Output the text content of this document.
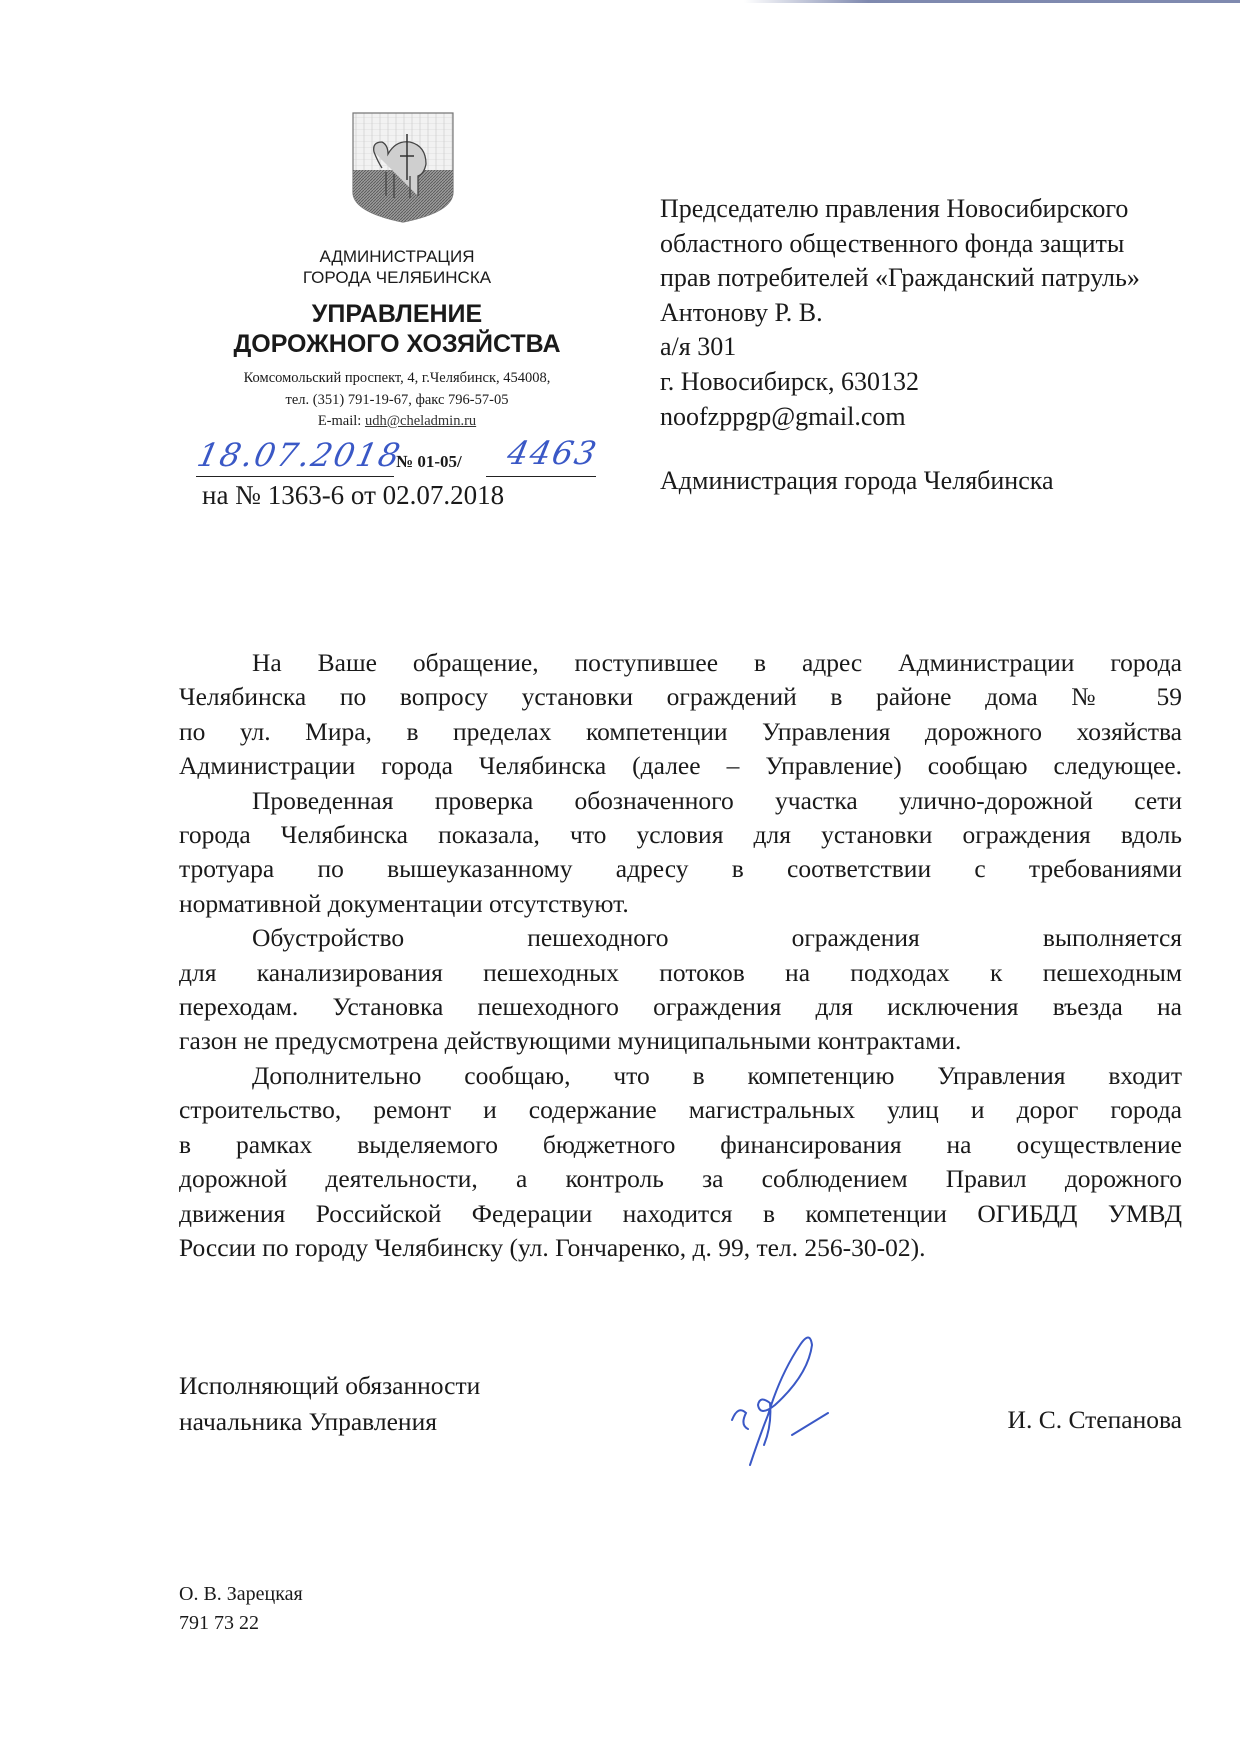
АДМИНИСТРАЦИЯ
ГОРОДА ЧЕЛЯБИНСКА
УПРАВЛЕНИЕ
ДОРОЖНОГО ХОЗЯЙСТВА
Комсомольский проспект, 4, г.Челябинск, 454008,
тел. (351) 791-19-67, факс 796-57-05
E-mail: udh@cheladmin.ru
18.07.2018
№ 01-05/ 4463
на № 1363-6 от 02.07.2018
Председателю правления Новосибирского
областного общественного фонда защиты
прав потребителей «Гражданский патруль»
Антонову Р. В.
а/я 301
г. Новосибирск, 630132
noofzppgp@gmail.com
Администрация города Челябинска
На Ваше обращение, поступившее в адрес Администрации города
Челябинска по вопросу установки ограждений в районе дома № 59
по ул. Мира, в пределах компетенции Управления дорожного хозяйства
Администрации города Челябинска (далее – Управление) сообщаю следующее.
Проведенная проверка обозначенного участка улично-дорожной сети
города Челябинска показала, что условия для установки ограждения вдоль
тротуара по вышеуказанному адресу в соответствии с требованиями
нормативной документации отсутствуют.
Обустройство пешеходного ограждения выполняется
для канализирования пешеходных потоков на подходах к пешеходным
переходам. Установка пешеходного ограждения для исключения въезда на
газон не предусмотрена действующими муниципальными контрактами.
Дополнительно сообщаю, что в компетенцию Управления входит
строительство, ремонт и содержание магистральных улиц и дорог города
в рамках выделяемого бюджетного финансирования на осуществление
дорожной деятельности, а контроль за соблюдением Правил дорожного
движения Российской Федерации находится в компетенции ОГИБДД УМВД
России по городу Челябинску (ул. Гончаренко, д. 99, тел. 256-30-02).
Исполняющий обязанности
начальника Управления	И. С. Степанова
О. В. Зарецкая
791 73 22
